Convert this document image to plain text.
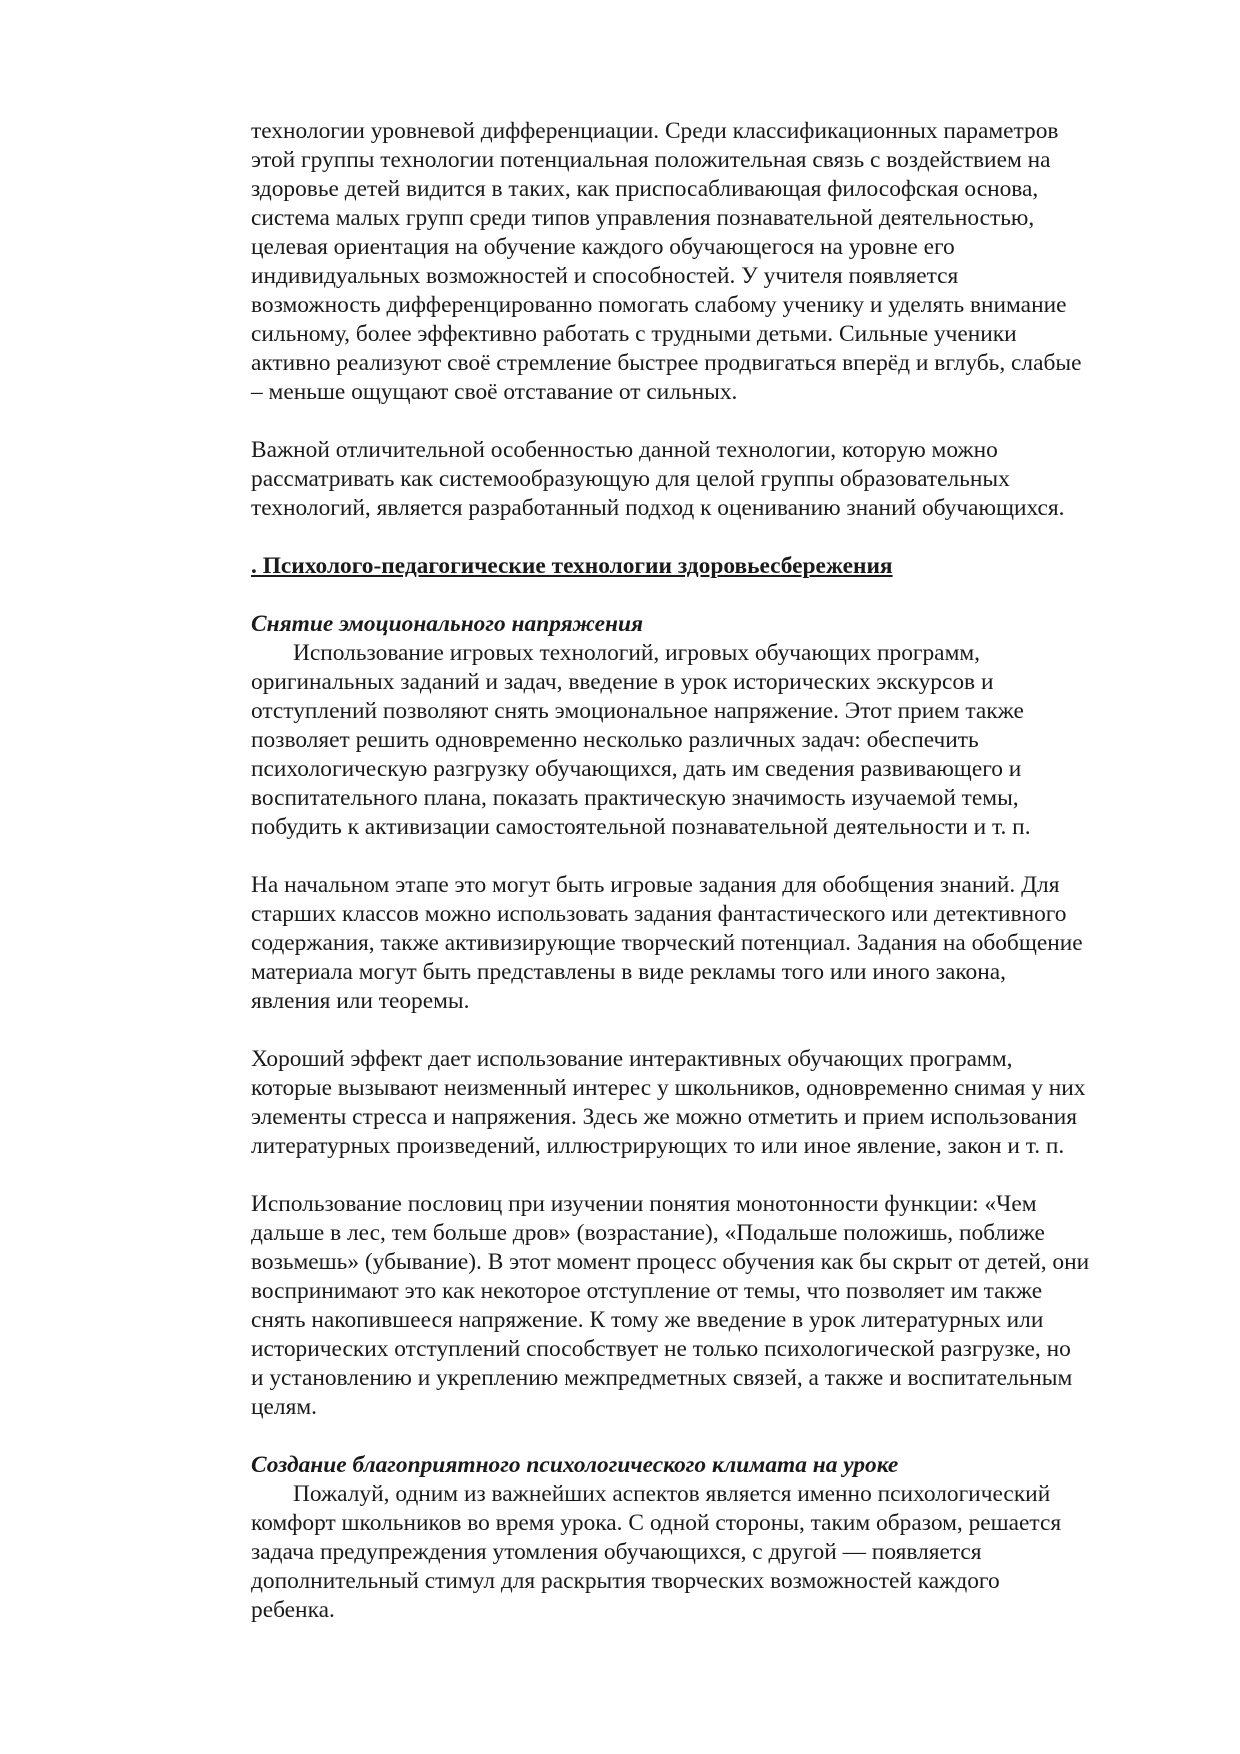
технологии уровневой дифференциации. Среди классификационных параметров
этой группы технологии потенциальная положительная связь с воздействием на
здоровье детей видится в таких, как приспосабливающая философская основа,
система малых групп среди типов управления познавательной деятельностью,
целевая ориентация на обучение каждого обучающегося на уровне его
индивидуальных возможностей и способностей. У учителя появляется
возможность дифференцированно помогать слабому ученику и уделять внимание
сильному, более эффективно работать с трудными детьми. Сильные ученики
активно реализуют своё стремление быстрее продвигаться вперёд и вглубь, слабые
– меньше ощущают своё отставание от сильных.
Важной отличительной особенностью данной технологии, которую можно
рассматривать как системообразующую для целой группы образовательных
технологий, является разработанный подход к оцениванию знаний обучающихся.
. Психолого-педагогические технологии здоровьесбережения
Снятие эмоционального напряжения
Использование игровых технологий, игровых обучающих программ,
оригинальных заданий и задач, введение в урок исторических экскурсов и
отступлений позволяют снять эмоциональное напряжение. Этот прием также
позволяет решить одновременно несколько различных задач: обеспечить
психологическую разгрузку обучающихся, дать им сведения развивающего и
воспитательного плана, показать практическую значимость изучаемой темы,
побудить к активизации самостоятельной познавательной деятельности и т. п.
На начальном этапе это могут быть игровые задания для обобщения знаний. Для
старших классов можно использовать задания фантастического или детективного
содержания, также активизирующие творческий потенциал. Задания на обобщение
материала могут быть представлены в виде рекламы того или иного закона,
явления или теоремы.
Хороший эффект дает использование интерактивных обучающих программ,
которые вызывают неизменный интерес у школьников, одновременно снимая у них
элементы стресса и напряжения. Здесь же можно отметить и прием использования
литературных произведений, иллюстрирующих то или иное явление, закон и т. п.
Использование пословиц при изучении понятия монотонности функции: «Чем
дальше в лес, тем больше дров» (возрастание), «Подальше положишь, поближе
возьмешь» (убывание). В этот момент процесс обучения как бы скрыт от детей, они
воспринимают это как некоторое отступление от темы, что позволяет им также
снять накопившееся напряжение. К тому же введение в урок литературных или
исторических отступлений способствует не только психологической разгрузке, но
и установлению и укреплению межпредметных связей, а также и воспитательным
целям.
Создание благоприятного психологического климата на уроке
Пожалуй, одним из важнейших аспектов является именно психологический
комфорт школьников во время урока. С одной стороны, таким образом, решается
задача предупреждения утомления обучающихся, с другой — появляется
дополнительный стимул для раскрытия творческих возможностей каждого
ребенка.
